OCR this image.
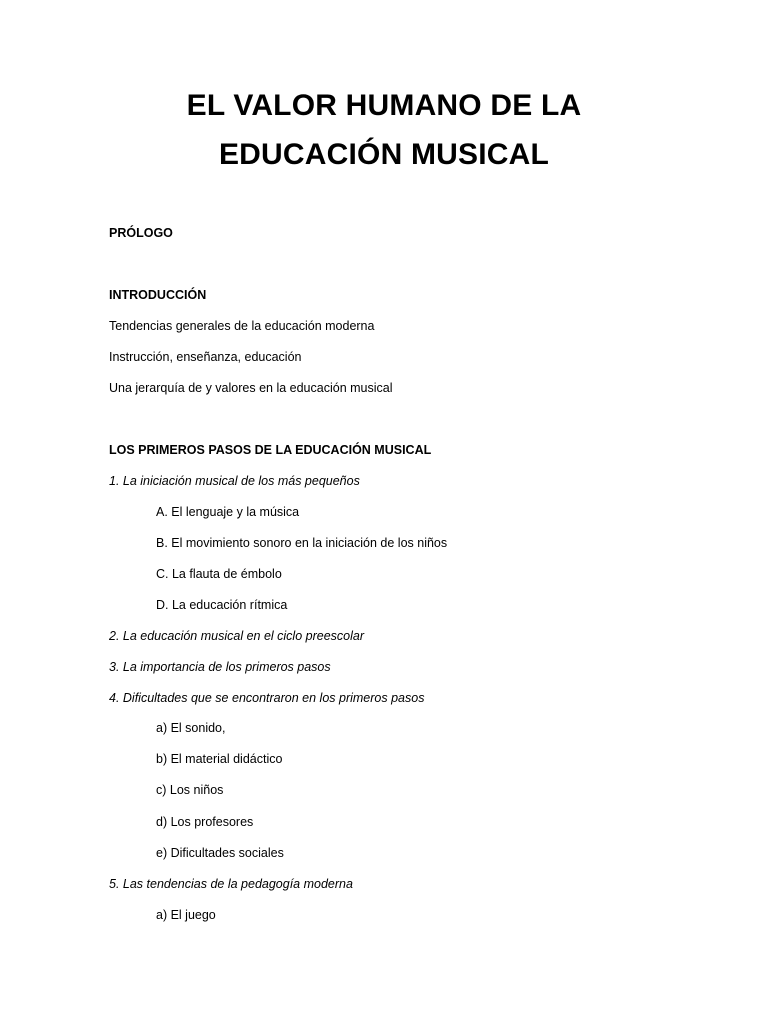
EL VALOR HUMANO DE LA
EDUCACIÓN MUSICAL

PRÓLOGO

INTRODUCCIÓN

Tendencias generales de la educación moderna

Instrucción, enseñanza, educación

Una jerarquía de y valores en la educación musical

LOS PRIMEROS PASOS DE LA EDUCACIÓN MUSICAL

1. La iniciación musical de los más pequeños

A. El lenguaje y la música

B. El movimiento sonoro en la iniciación de los niños

C. La flauta de émbolo

D. La educación rítmica

2. La educación musical en el ciclo preescolar

3. La importancia de los primeros pasos

4. Dificultades que se encontraron en los primeros pasos

a) El sonido,

b) El material didáctico

c) Los niños

d) Los profesores

e) Dificultades sociales

5. Las tendencias de la pedagogía moderna

a) El juego
